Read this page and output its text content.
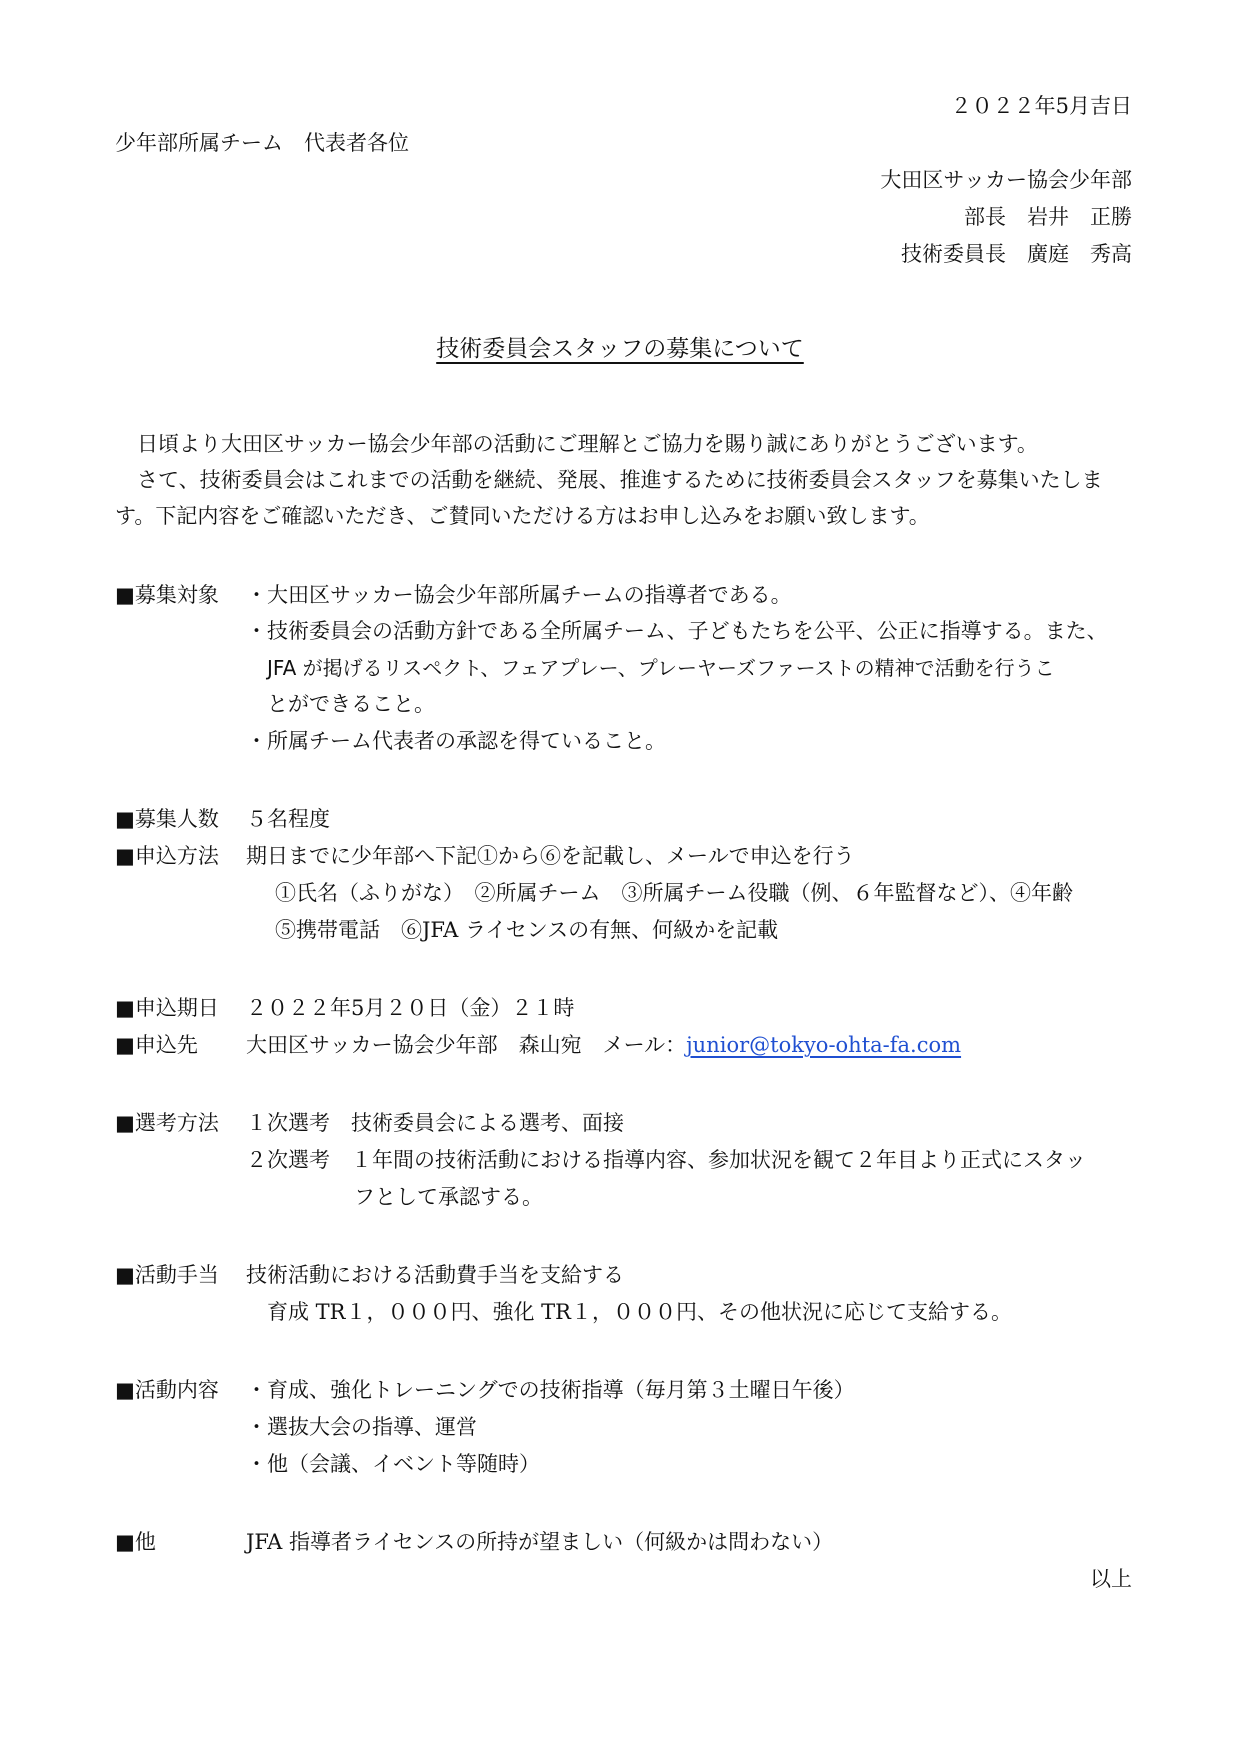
２０２２年5月吉日
少年部所属チーム　代表者各位
大田区サッカー協会少年部
部長　岩井　正勝
技術委員長　廣庭　秀高
技術委員会スタッフの募集について
日頃より大田区サッカー協会少年部の活動にご理解とご協力を賜り誠にありがとうございます。
さて、技術委員会はこれまでの活動を継続、発展、推進するために技術委員会スタッフを募集いたしま
す。下記内容をご確認いただき、ご賛同いただける方はお申し込みをお願い致します。
■募集対象 ・大田区サッカー協会少年部所属チームの指導者である。
・技術委員会の活動方針である全所属チーム、子どもたちを公平、公正に指導する。また、
JFA が掲げるリスペクト、フェアプレー、プレーヤーズファーストの精神で活動を行うこ
とができること。
・所属チーム代表者の承認を得ていること。
■募集人数 ５名程度
■申込方法 期日までに少年部へ下記①から⑥を記載し、メールで申込を行う
①氏名（ふりがな）　②所属チーム　③所属チーム役職（例、６年監督など）、④年齢
⑤携帯電話　⑥JFA ライセンスの有無、何級かを記載
■申込期日 ２０２２年5月２０日（金）２１時
■申込先 大田区サッカー協会少年部　森山宛　メール：junior@tokyo-ohta-fa.com
■選考方法 １次選考　技術委員会による選考、面接
２次選考　１年間の技術活動における指導内容、参加状況を観て２年目より正式にスタッ
フとして承認する。
■活動手当 技術活動における活動費手当を支給する
育成 TR１，０００円、強化 TR１，０００円、その他状況に応じて支給する。
■活動内容 ・育成、強化トレーニングでの技術指導（毎月第３土曜日午後）
・選抜大会の指導、運営
・他（会議、イベント等随時）
■他	JFA 指導者ライセンスの所持が望ましい（何級かは問わない）
以上
